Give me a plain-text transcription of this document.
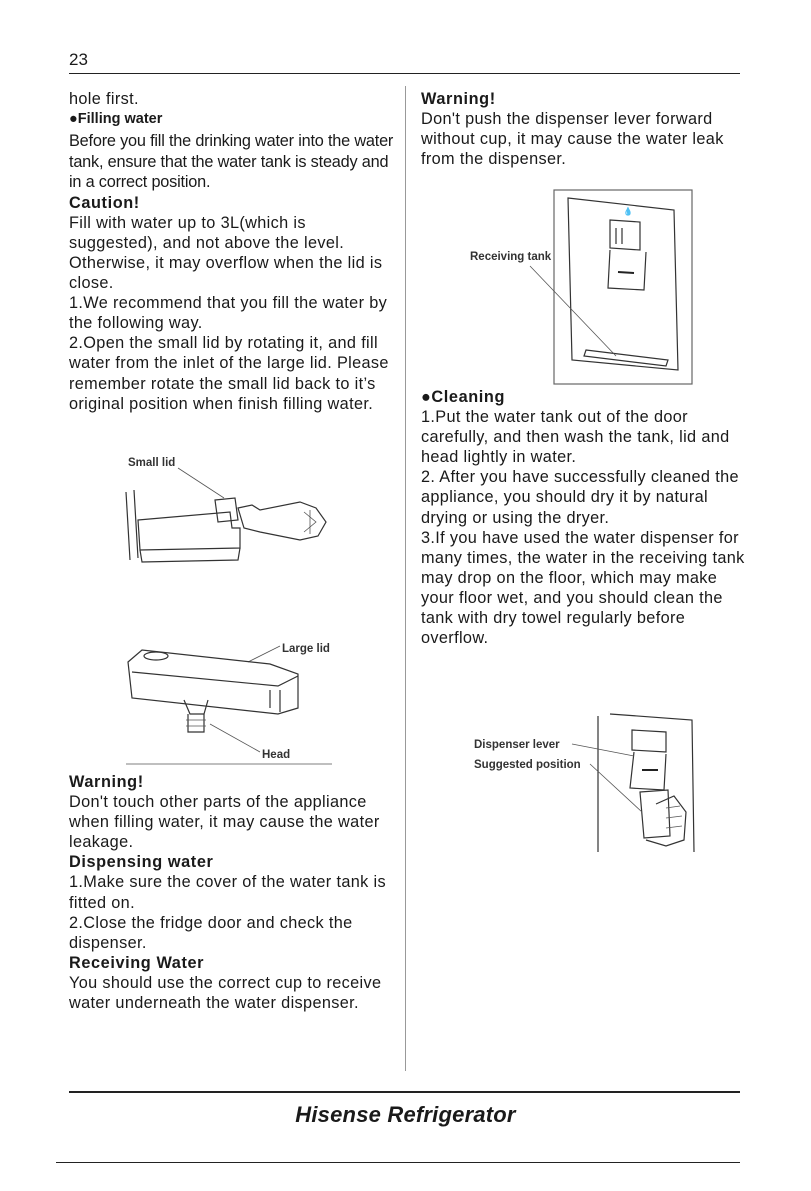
23

hole first.

●Filling water

Before you fill the drinking water into the water tank, ensure that the water tank is steady and in a correct position.

Caution!

Fill with water up to 3L(which is suggested), and not above the level. Otherwise, it may overflow when the lid is close.

1.We recommend that you fill the water by the following way.

2.Open the small lid by rotating it, and fill water from the inlet of the large lid. Please remember rotate the small lid back to it’s original position when finish filling water.

Small lid
Large lid
Head

Warning!

Don't touch other parts of the appliance when filling water, it may cause the water leakage.

Dispensing water

1.Make sure the cover of the water tank is fitted on.

2.Close the fridge door and check the dispenser.

Receiving Water

You should use the correct cup to receive water underneath the water dispenser.

Warning!

Don't push the dispenser lever forward without cup, it may cause the water leak from the dispenser.

💧
Receiving tank

●Cleaning

1.Put the water tank out of the door carefully, and then wash the tank, lid and head lightly in water.

2. After you have successfully cleaned the appliance, you should dry it by natural drying or using the dryer.

3.If you have used the water dispenser for many times, the water in the receiving tank may drop on the floor, which may make your floor wet, and you should clean the tank with dry towel regularly before overflow.

Dispenser lever
Suggested position
Hisense Refrigerator
